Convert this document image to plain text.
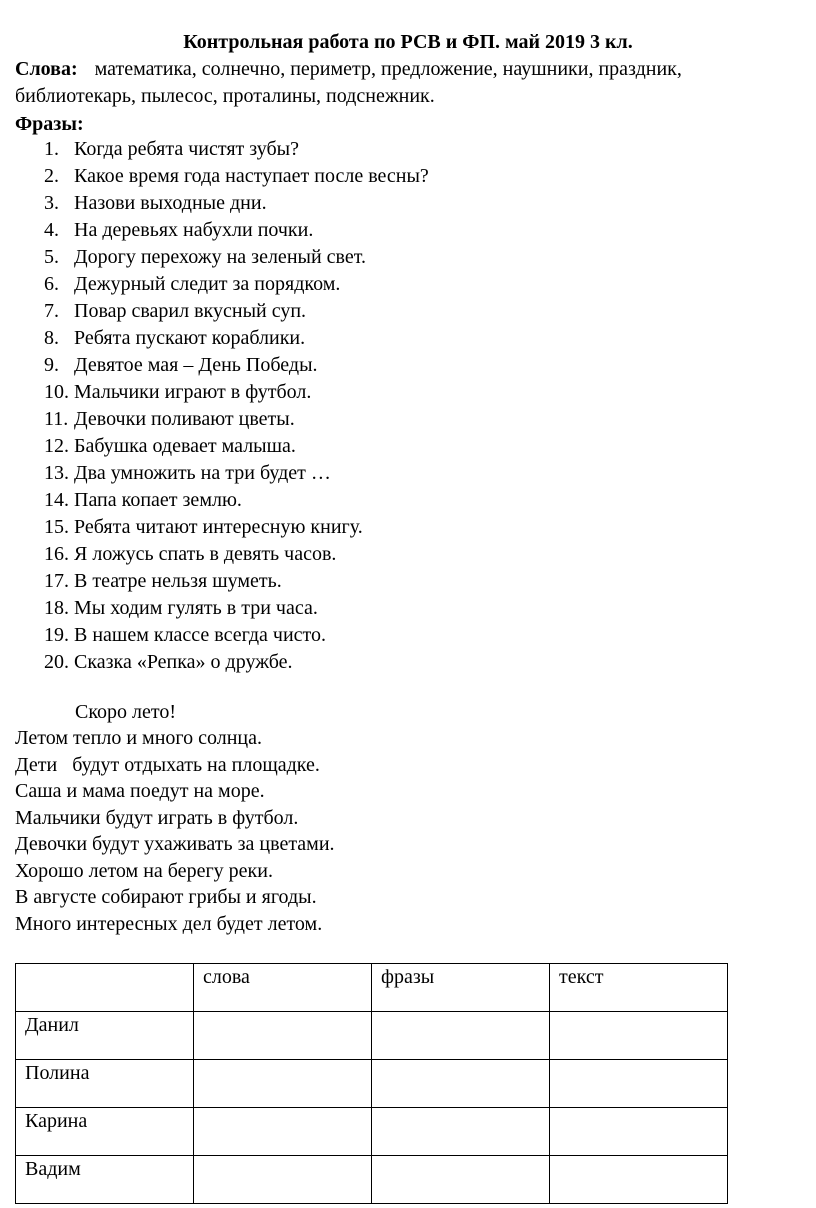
Контрольная работа по РСВ и ФП. май 2019 3 кл.
Слова: математика, солнечно, периметр, предложение, наушники, праздник,
библиотекарь, пылесос, проталины, подснежник.
Фразы:
1. Когда ребята чистят зубы?
2. Какое время года наступает после весны?
3. Назови выходные дни.
4. На деревьях набухли почки.
5. Дорогу перехожу на зеленый свет.
6. Дежурный следит за порядком.
7. Повар сварил вкусный суп.
8. Ребята пускают кораблики.
9. Девятое мая – День Победы.
10. Мальчики играют в футбол.
11. Девочки поливают цветы.
12. Бабушка одевает малыша.
13. Два умножить на три будет …
14. Папа копает землю.
15. Ребята читают интересную книгу.
16. Я ложусь спать в девять часов.
17. В театре нельзя шуметь.
18. Мы ходим гулять в три часа.
19. В нашем классе всегда чисто.
20. Сказка «Репка» о дружбе.
Скоро лето!
Летом тепло и много солнца.
Дети   будут отдыхать на площадке.
Саша и мама поедут на море.
Мальчики будут играть в футбол.
Девочки будут ухаживать за цветами.
Хорошо летом на берегу реки.
В августе собирают грибы и ягоды.
Много интересных дел будет летом.
	слова	фразы	текст
Данил			
Полина			
Карина			
Вадим			
